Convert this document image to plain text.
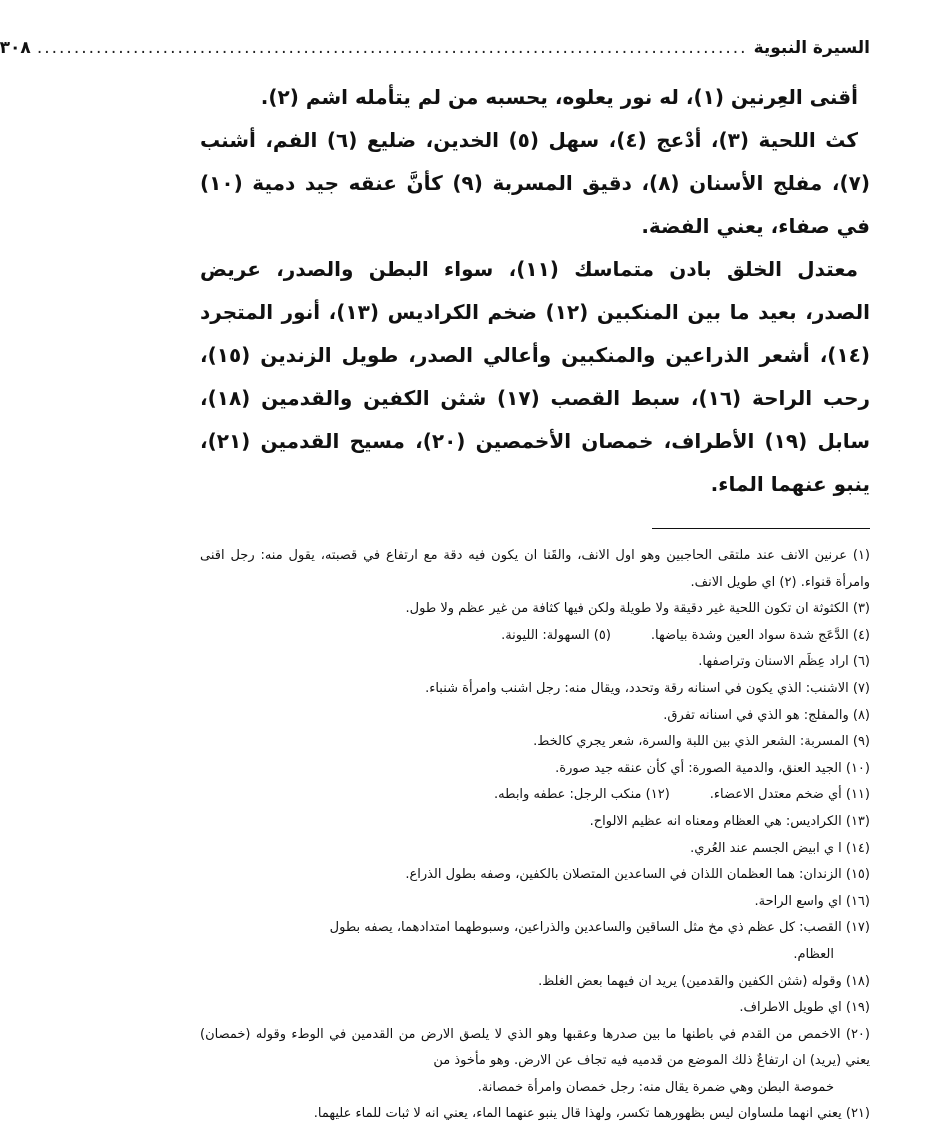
السيرة النبوية
................................................................................................
٣٠٨

أقنى العِرنين (١)، له نور يعلوه، يحسبه من لم يتأمله اشم (٢).

كث اللحية (٣)، أدْعج (٤)، سهل (٥) الخدين، ضليع (٦) الفم، أشنب (٧)، مفلج الأسنان (٨)، دقيق المسربة (٩) كأنَّ عنقه جيد دمية (١٠) في صفاء، يعني الفضة.

معتدل الخلق بادن متماسك (١١)، سواء البطن والصدر، عريض الصدر، بعيد ما بين المنكبين (١٢) ضخم الكراديس (١٣)، أنور المتجرد (١٤)، أشعر الذراعين والمنكبين وأعالي الصدر، طويل الزندين (١٥)، رحب الراحة (١٦)، سبط القصب (١٧) شثن الكفين والقدمين (١٨)، سابل (١٩) الأطراف، خمصان الأخمصين (٢٠)، مسيح القدمين (٢١)، ينبو عنهما الماء.

(١) عرنين الانف عند ملتقى الحاجبين وهو اول الانف، والقَنا ان يكون فيه دقة مع ارتفاع في قصبته، يقول منه: رجل اقنى وامرأة قنواء. (٢) اي طويل الانف.

(٣) الكثوثة ان تكون اللحية غير دقيقة ولا طويلة ولكن فيها كثافة من غير عظم ولا طول.

(٤) الدَّعَج شدة سواد العين وشدة بياضها.(٥) السهولة: الليونة.

(٦) اراد عِظَم الاسنان وتراصفها.

(٧) الاشنب: الذي يكون في اسنانه رقة وتحدد، ويقال منه: رجل اشنب وامرأة شنباء.

(٨) والمفلج: هو الذي في اسنانه تفرق.

(٩) المسربة: الشعر الذي بين اللبة والسرة، شعر يجري كالخط.

(١٠) الجيد العنق، والدمية الصورة: أي كأن عنقه جيد صورة.

(١١) أي ضخم معتدل الاعضاء.(١٢) منكب الرجل: عطفه وابطه.

(١٣) الكراديس: هي العظام ومعناه انه عظيم الالواح.

(١٤) ا ي ابيض الجسم عند العُري.

(١٥) الزندان: هما العظمان اللذان في الساعدين المتصلان بالكفين، وصفه بطول الذراع.

(١٦) اي واسع الراحة.

(١٧) القصب: كل عظم ذي مخ مثل الساقين والساعدين والذراعين، وسبوطهما امتدادهما، يصفه بطول

العظام.

(١٨) وقوله (شثن الكفين والقدمين) يريد ان فيهما بعض الغلظ.

(١٩) اي طويل الاطراف.

(٢٠) الاخمص من القدم في باطنها ما بين صدرها وعقبها وهو الذي لا يلصق الارض من القدمين في الوطء وقوله (خمصان) يعني (يريد) ان ارتفاعٌ ذلك الموضع من قدميه فيه تجاف عن الارض. وهو مأخوذ من

خموصة البطن وهي ضمرة يقال منه: رجل خمصان وامرأة خمصانة.

(٢١) يعني انهما ملساوان ليس بظهورهما تكسر، ولهذا قال ينبو عنهما الماء، يعني انه لا ثبات للماء عليهما.
